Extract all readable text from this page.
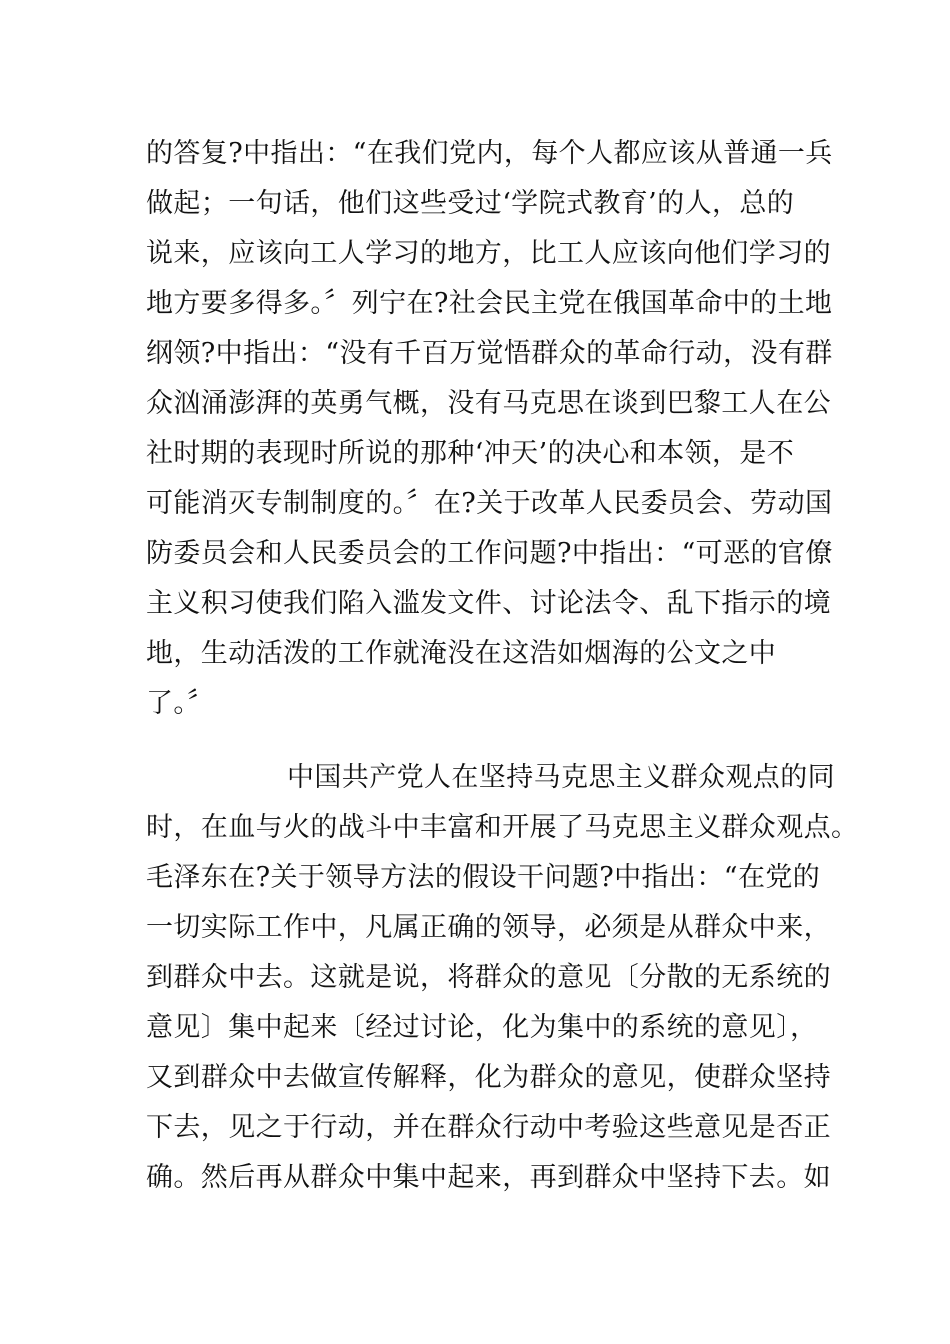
的答复?中指出：“在我们党内，每个人都应该从普通一兵
做起；一句话，他们这些受过‘学院式教育’的人，总的
说来，应该向工人学习的地方，比工人应该向他们学习的
地方要多得多。〞列宁在?社会民主党在俄国革命中的土地
纲领?中指出：“没有千百万觉悟群众的革命行动，没有群
众汹涌澎湃的英勇气概，没有马克思在谈到巴黎工人在公
社时期的表现时所说的那种‘冲天’的决心和本领，是不
可能消灭专制制度的。〞在?关于改革人民委员会、劳动国
防委员会和人民委员会的工作问题?中指出：“可恶的官僚
主义积习使我们陷入滥发文件、讨论法令、乱下指示的境
地，生动活泼的工作就淹没在这浩如烟海的公文之中
了。〞
中国共产党人在坚持马克思主义群众观点的同
时，在血与火的战斗中丰富和开展了马克思主义群众观点。
毛泽东在?关于领导方法的假设干问题?中指出：“在党的
一切实际工作中，凡属正确的领导，必须是从群众中来，
到群众中去。这就是说，将群众的意见〔分散的无系统的
意见〕集中起来〔经过讨论，化为集中的系统的意见〕，
又到群众中去做宣传解释，化为群众的意见，使群众坚持
下去，见之于行动，并在群众行动中考验这些意见是否正
确。然后再从群众中集中起来，再到群众中坚持下去。如
